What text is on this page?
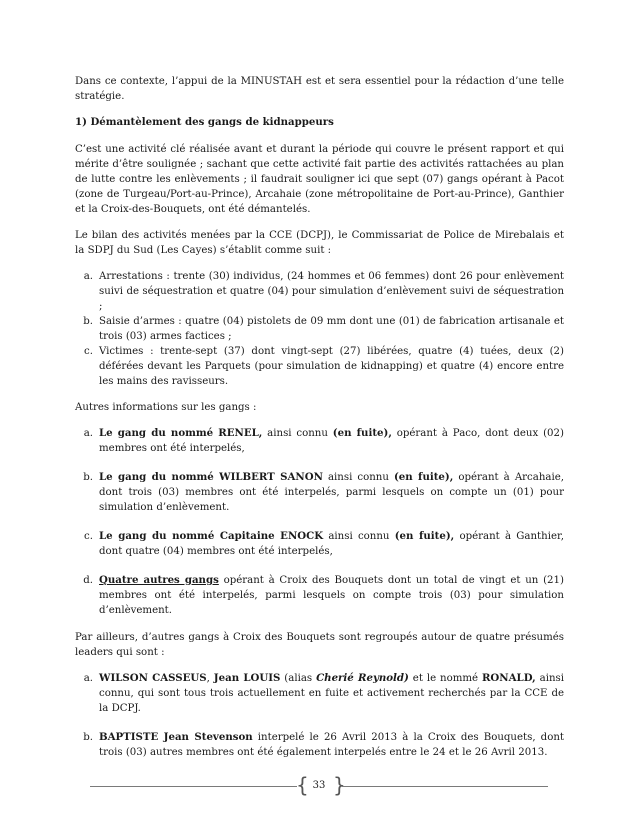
Dans ce contexte, l’appui de la MINUSTAH est et sera essentiel pour la rédaction d’une telle stratégie.

1) Démantèlement des gangs de kidnappeurs

C’est une activité clé réalisée avant et durant la période qui couvre le présent rapport et qui mérite d’être soulignée ; sachant que cette activité fait partie des activités rattachées au plan de lutte contre les enlèvements ; il faudrait souligner ici que sept (07) gangs opérant à Pacot (zone de Turgeau/Port-au-Prince), Arcahaie (zone métropolitaine de Port-au-Prince), Ganthier et la Croix-des-Bouquets, ont été démantelés.

Le bilan des activités menées par la CCE (DCPJ), le Commissariat de Police de Mirebalais et la SDPJ du Sud (Les Cayes) s’établit comme suit :

a. Arrestations : trente (30) individus, (24 hommes et 06 femmes) dont 26 pour enlèvement suivi de séquestration et quatre (04) pour simulation d’enlèvement suivi de séquestration ;
b. Saisie d’armes : quatre (04) pistolets de 09 mm dont une (01) de fabrication artisanale et trois (03) armes factices ;
c. Victimes : trente-sept (37) dont vingt-sept (27) libérées, quatre (4) tuées, deux (2) déférées devant les Parquets (pour simulation de kidnapping) et quatre (4) encore entre les mains des ravisseurs.

Autres informations sur les gangs :

a. Le gang du nommé RENEL, ainsi connu (en fuite), opérant à Paco, dont deux (02) membres ont été interpelés,
b. Le gang du nommé WILBERT SANON ainsi connu (en fuite), opérant à Arcahaie, dont trois (03) membres ont été interpelés, parmi lesquels on compte un (01) pour simulation d’enlèvement.
c. Le gang du nommé Capitaine ENOCK ainsi connu (en fuite), opérant à Ganthier, dont quatre (04) membres ont été interpelés,
d. Quatre autres gangs opérant à Croix des Bouquets dont un total de vingt et un (21) membres ont été interpelés, parmi lesquels on compte trois (03) pour simulation d’enlèvement.

Par ailleurs, d’autres gangs à Croix des Bouquets sont regroupés autour de quatre présumés leaders qui sont :

a. WILSON CASSEUS, Jean LOUIS (alias Cherié Reynold) et le nommé RONALD, ainsi connu, qui sont tous trois actuellement en fuite et activement recherchés par la CCE de la DCPJ.
b. BAPTISTE Jean Stevenson interpelé le 26 Avril 2013 à la Croix des Bouquets, dont trois (03) autres membres ont été également interpelés entre le 24 et le 26 Avril 2013.
{ 33 }
